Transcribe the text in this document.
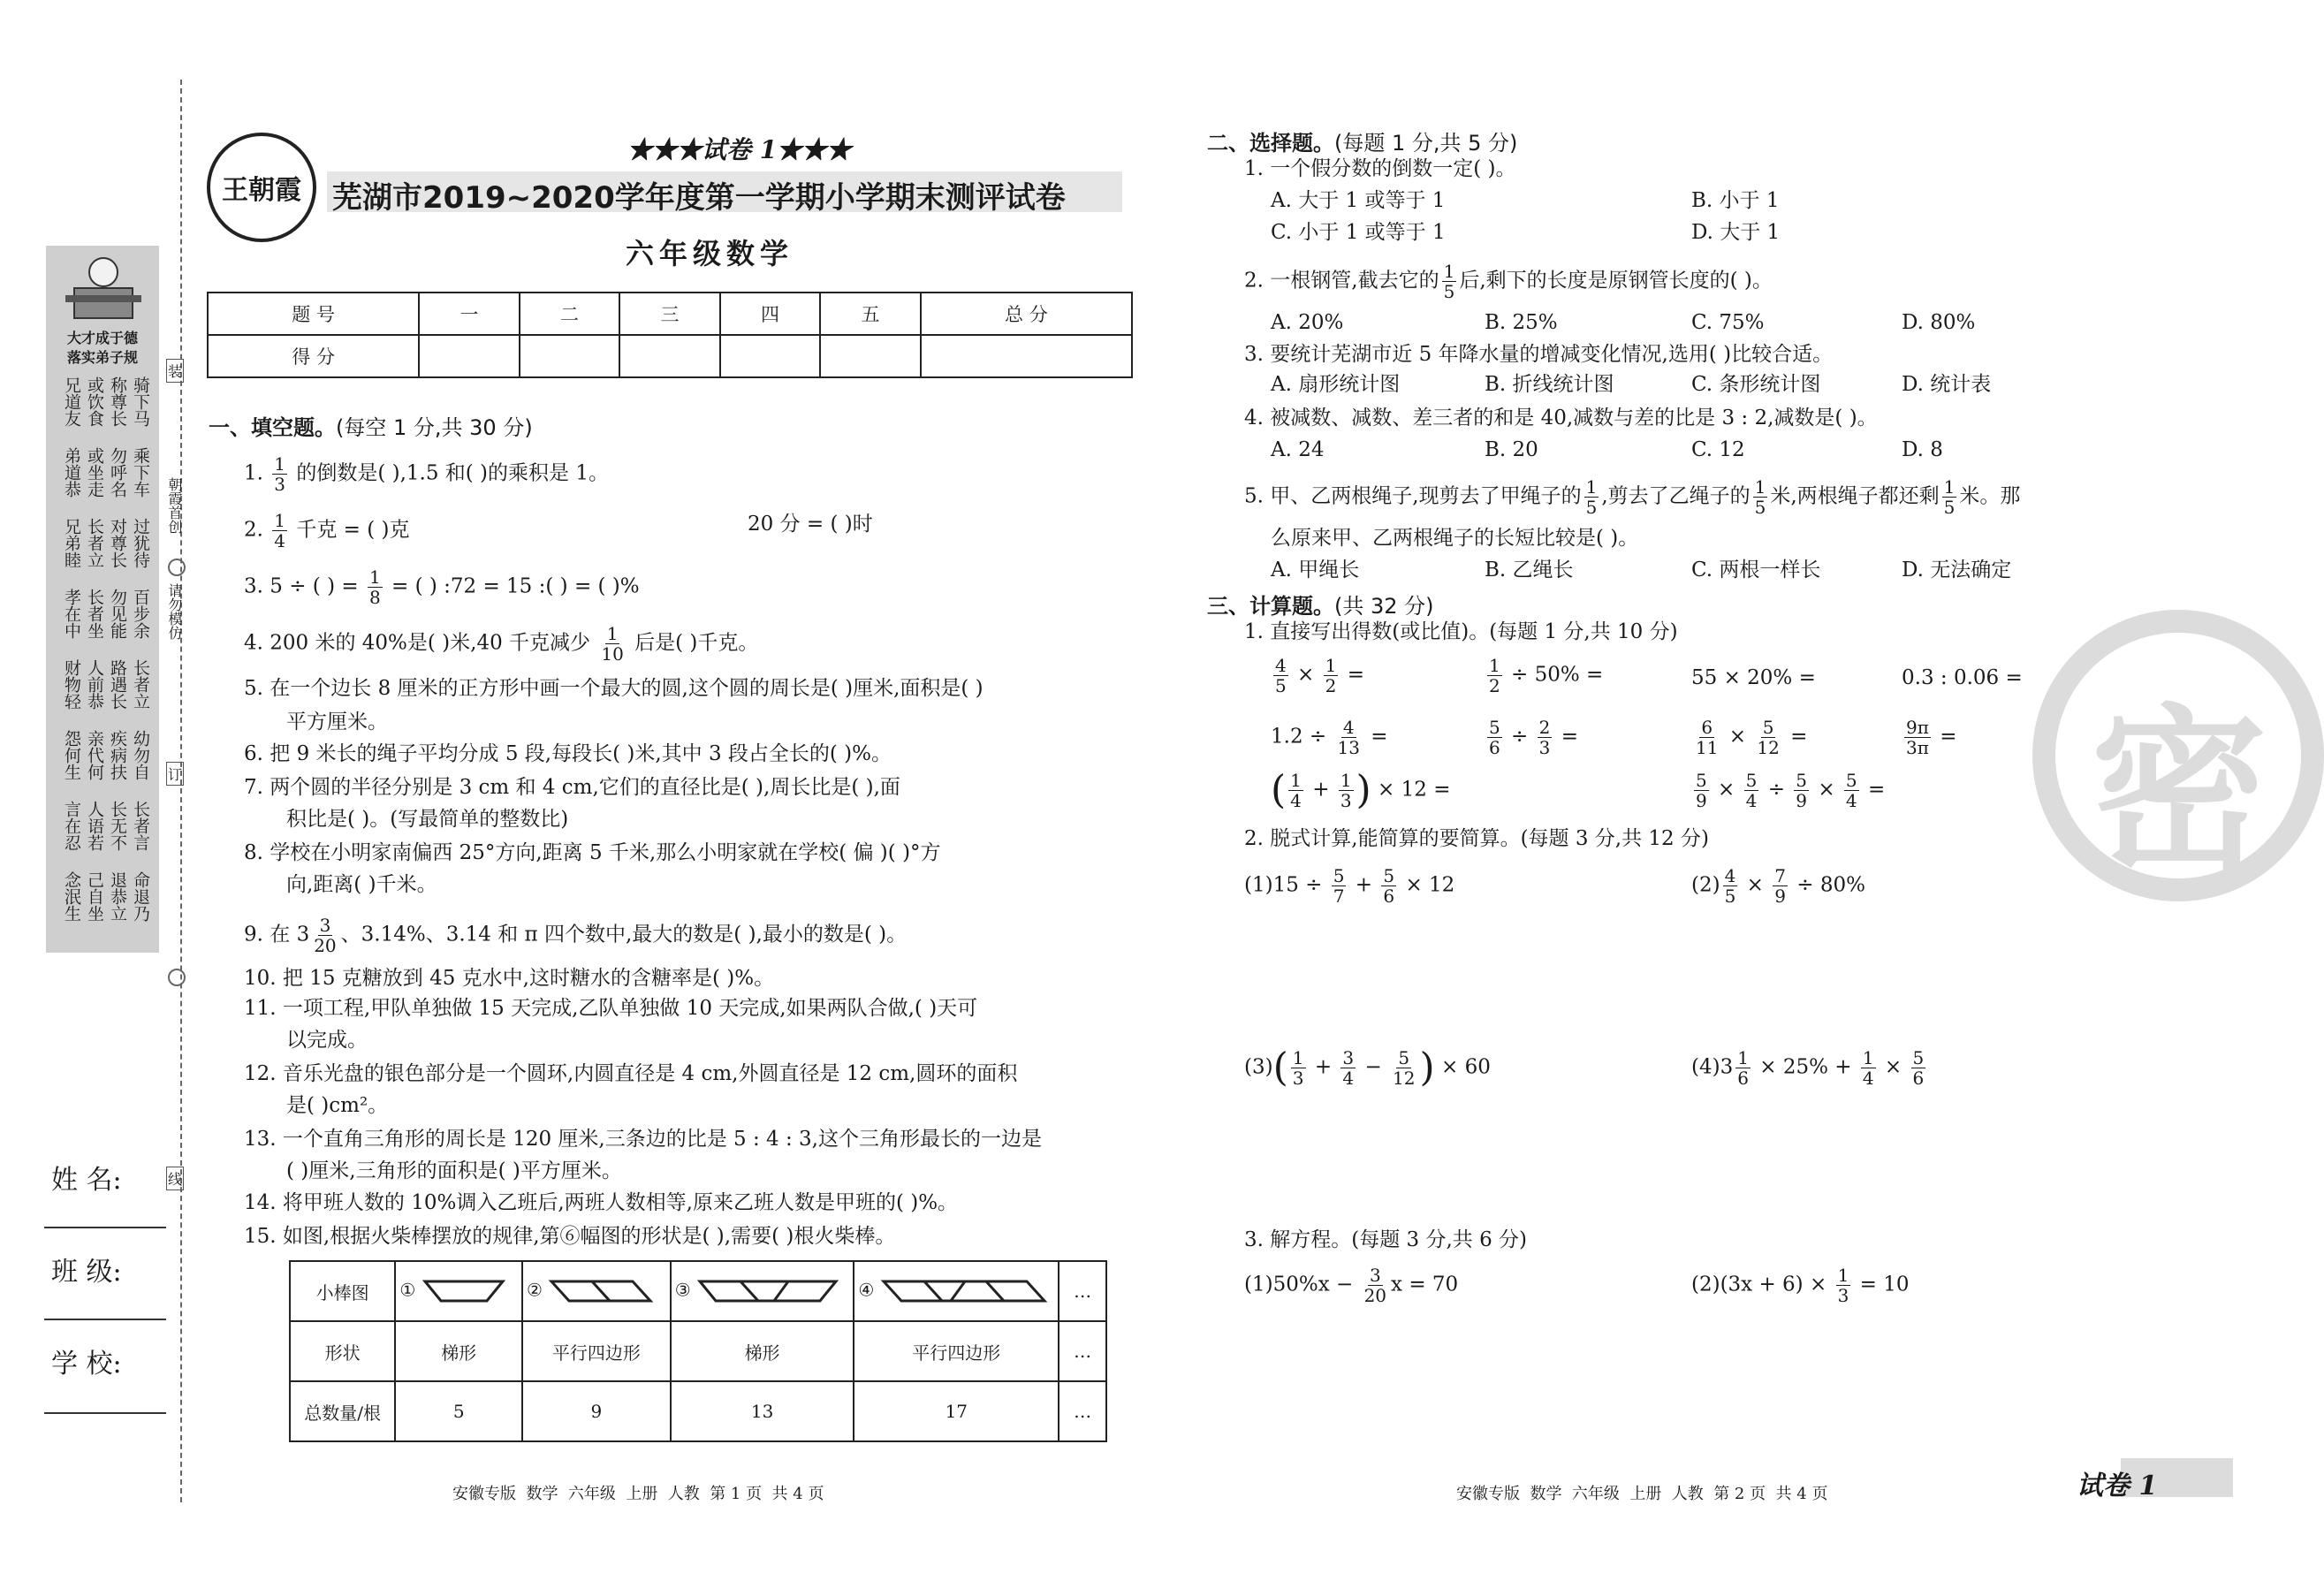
大才成于德
落实弟子规
骑下马
称尊长
或饮食
兄道友
乘下车
勿呼名
或坐走
弟道恭
过犹待
对尊长
长者立
兄弟睦
百步余
勿见能
长者坐
孝在中
长者立
路遇长
人前恭
财物轻
幼勿自
疾病扶
亲代何
怨何生
长者言
长无不
人语若
言在忍
命退乃
退恭立
己自坐
念泯生
朝霞首创
请勿模仿
装
订
线
姓 名:
班 级:
学 校:
王朝霞
★★★试卷 1★★★
芜湖市2019~2020学年度第一学期小学期末测评试卷
六年级数学
题 号	一	二	三	四	五	总 分
得 分						
一、填空题。(每空 1 分,共 30 分)
1. $\frac{1}{3}$ 的倒数是( ),1.5 和( )的乘积是 1。
2. $\frac{1}{4}$ 千克 = ( )克	20 分 = ( )时
3. 5 ÷ ( ) = $\frac{1}{8}$ = ( ) :72 = 15 :( ) = ( )%
4. 200 米的 40%是( )米,40 千克减少 $\frac{1}{10}$ 后是( )千克。
5. 在一个边长 8 厘米的正方形中画一个最大的圆,这个圆的周长是( )厘米,面积是( )
平方厘米。
6. 把 9 米长的绳子平均分成 5 段,每段长( )米,其中 3 段占全长的( )%。
7. 两个圆的半径分别是 3 cm 和 4 cm,它们的直径比是( ),周长比是( ),面
积比是( )。(写最简单的整数比)
8. 学校在小明家南偏西 25°方向,距离 5 千米,那么小明家就在学校( 偏 )( )°方
向,距离( )千米。
9. 在 $3 \frac{3}{20}$ 、3.14%、3.14 和 π 四个数中,最大的数是( ),最小的数是( )。
10. 把 15 克糖放到 45 克水中,这时糖水的含糖率是( )%。
11. 一项工程,甲队单独做 15 天完成,乙队单独做 10 天完成,如果两队合做,( )天可
以完成。
12. 音乐光盘的银色部分是一个圆环,内圆直径是 4 cm,外圆直径是 12 cm,圆环的面积
是( )cm²。
13. 一个直角三角形的周长是 120 厘米,三条边的比是 5 : 4 : 3,这个三角形最长的一边是
( )厘米,三角形的面积是( )平方厘米。
14. 将甲班人数的 10%调入乙班后,两班人数相等,原来乙班人数是甲班的( )%。
15. 如图,根据火柴棒摆放的规律,第⑥幅图的形状是( ),需要( )根火柴棒。
小棒图	①	②	③	④	…
形状	梯形	平行四边形	梯形	平行四边形	…
总数量/根	5	9	13	17	…
安徽专版  数学  六年级  上册  人教  第 1 页  共 4 页
密
二、选择题。(每题 1 分,共 5 分)
1. 一个假分数的倒数一定( )。
A. 大于 1 或等于 1	B. 小于 1
C. 小于 1 或等于 1	D. 大于 1
2. 一根钢管,截去它的 $\frac{1}{5}$ 后,剩下的长度是原钢管长度的( )。
A. 20%	B. 25%	C. 75%	D. 80%
3. 要统计芜湖市近 5 年降水量的增减变化情况,选用( )比较合适。
A. 扇形统计图	B. 折线统计图	C. 条形统计图	D. 统计表
4. 被减数、减数、差三者的和是 40,减数与差的比是 3 : 2,减数是( )。
A. 24	B. 20	C. 12	D. 8
5. 甲、乙两根绳子,现剪去了甲绳子的 $\frac{1}{5}$ ,剪去了乙绳子的 $\frac{1}{5}$ 米,两根绳子都还剩 $\frac{1}{5}$ 米。那
么原来甲、乙两根绳子的长短比较是( )。
A. 甲绳长	B. 乙绳长	C. 两根一样长	D. 无法确定
三、计算题。(共 32 分)
1. 直接写出得数(或比值)。(每题 1 分,共 10 分)
$\frac{4}{5} \times \frac{1}{2}$ =	$\frac{1}{2} \div 50\%$ =	55 × 20% =	0.3 : 0.06 =
$1.2 \div \frac{4}{13}$ =	$\frac{5}{6} \div \frac{2}{3}$ =	$\frac{6}{11} \times \frac{5}{12}$ =	$\frac{9\pi}{3\pi}$ =
( $\frac{1}{4} + \frac{1}{3}$ ) × 12 =	$\frac{5}{9} \times \frac{5}{4} \div \frac{5}{9} \times \frac{5}{4}$ =
2. 脱式计算,能简算的要简算。(每题 3 分,共 12 分)
$(1)15 \div \frac{5}{7} + \frac{5}{6} \times 12$	$(2) \frac{4}{5} \times \frac{7}{9} \div 80\%$
$(3)( \frac{1}{3} + \frac{3}{4} - \frac{5}{12}$ ) × 60	$(4)3 \frac{1}{6} \times 25\% + \frac{1}{4} \times \frac{5}{6}$
3. 解方程。(每题 3 分,共 6 分)
$(1)50\%x - \frac{3}{20}$ x = 70	$(2)(3x + 6) \times \frac{1}{3} = 10$
安徽专版  数学  六年级  上册  人教  第 2 页  共 4 页	试卷 1
